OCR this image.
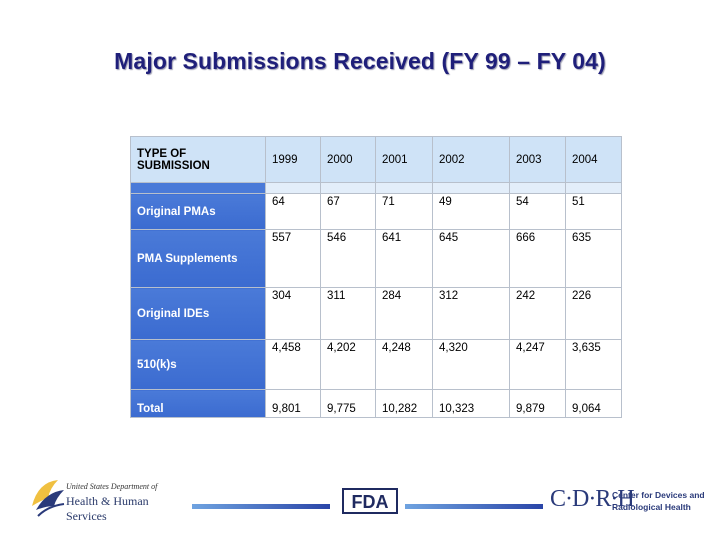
Major Submissions Received (FY 99 – FY 04)
TYPE OF
SUBMISSION	1999	2000	2001	2002	2003	2004

Original PMAs	64	67	71	49	54	51
PMA Supplements	557	546	641	645	666	635
Original IDEs	304	311	284	312	242	226
510(k)s	4,458	4,202	4,248	4,320	4,247	3,635
Total	9,801	9,775	10,282	10,323	9,879	9,064
United States Department of
Health & Human Services
FDA	C·D·R·H
Center for Devices and
Radiological Health
